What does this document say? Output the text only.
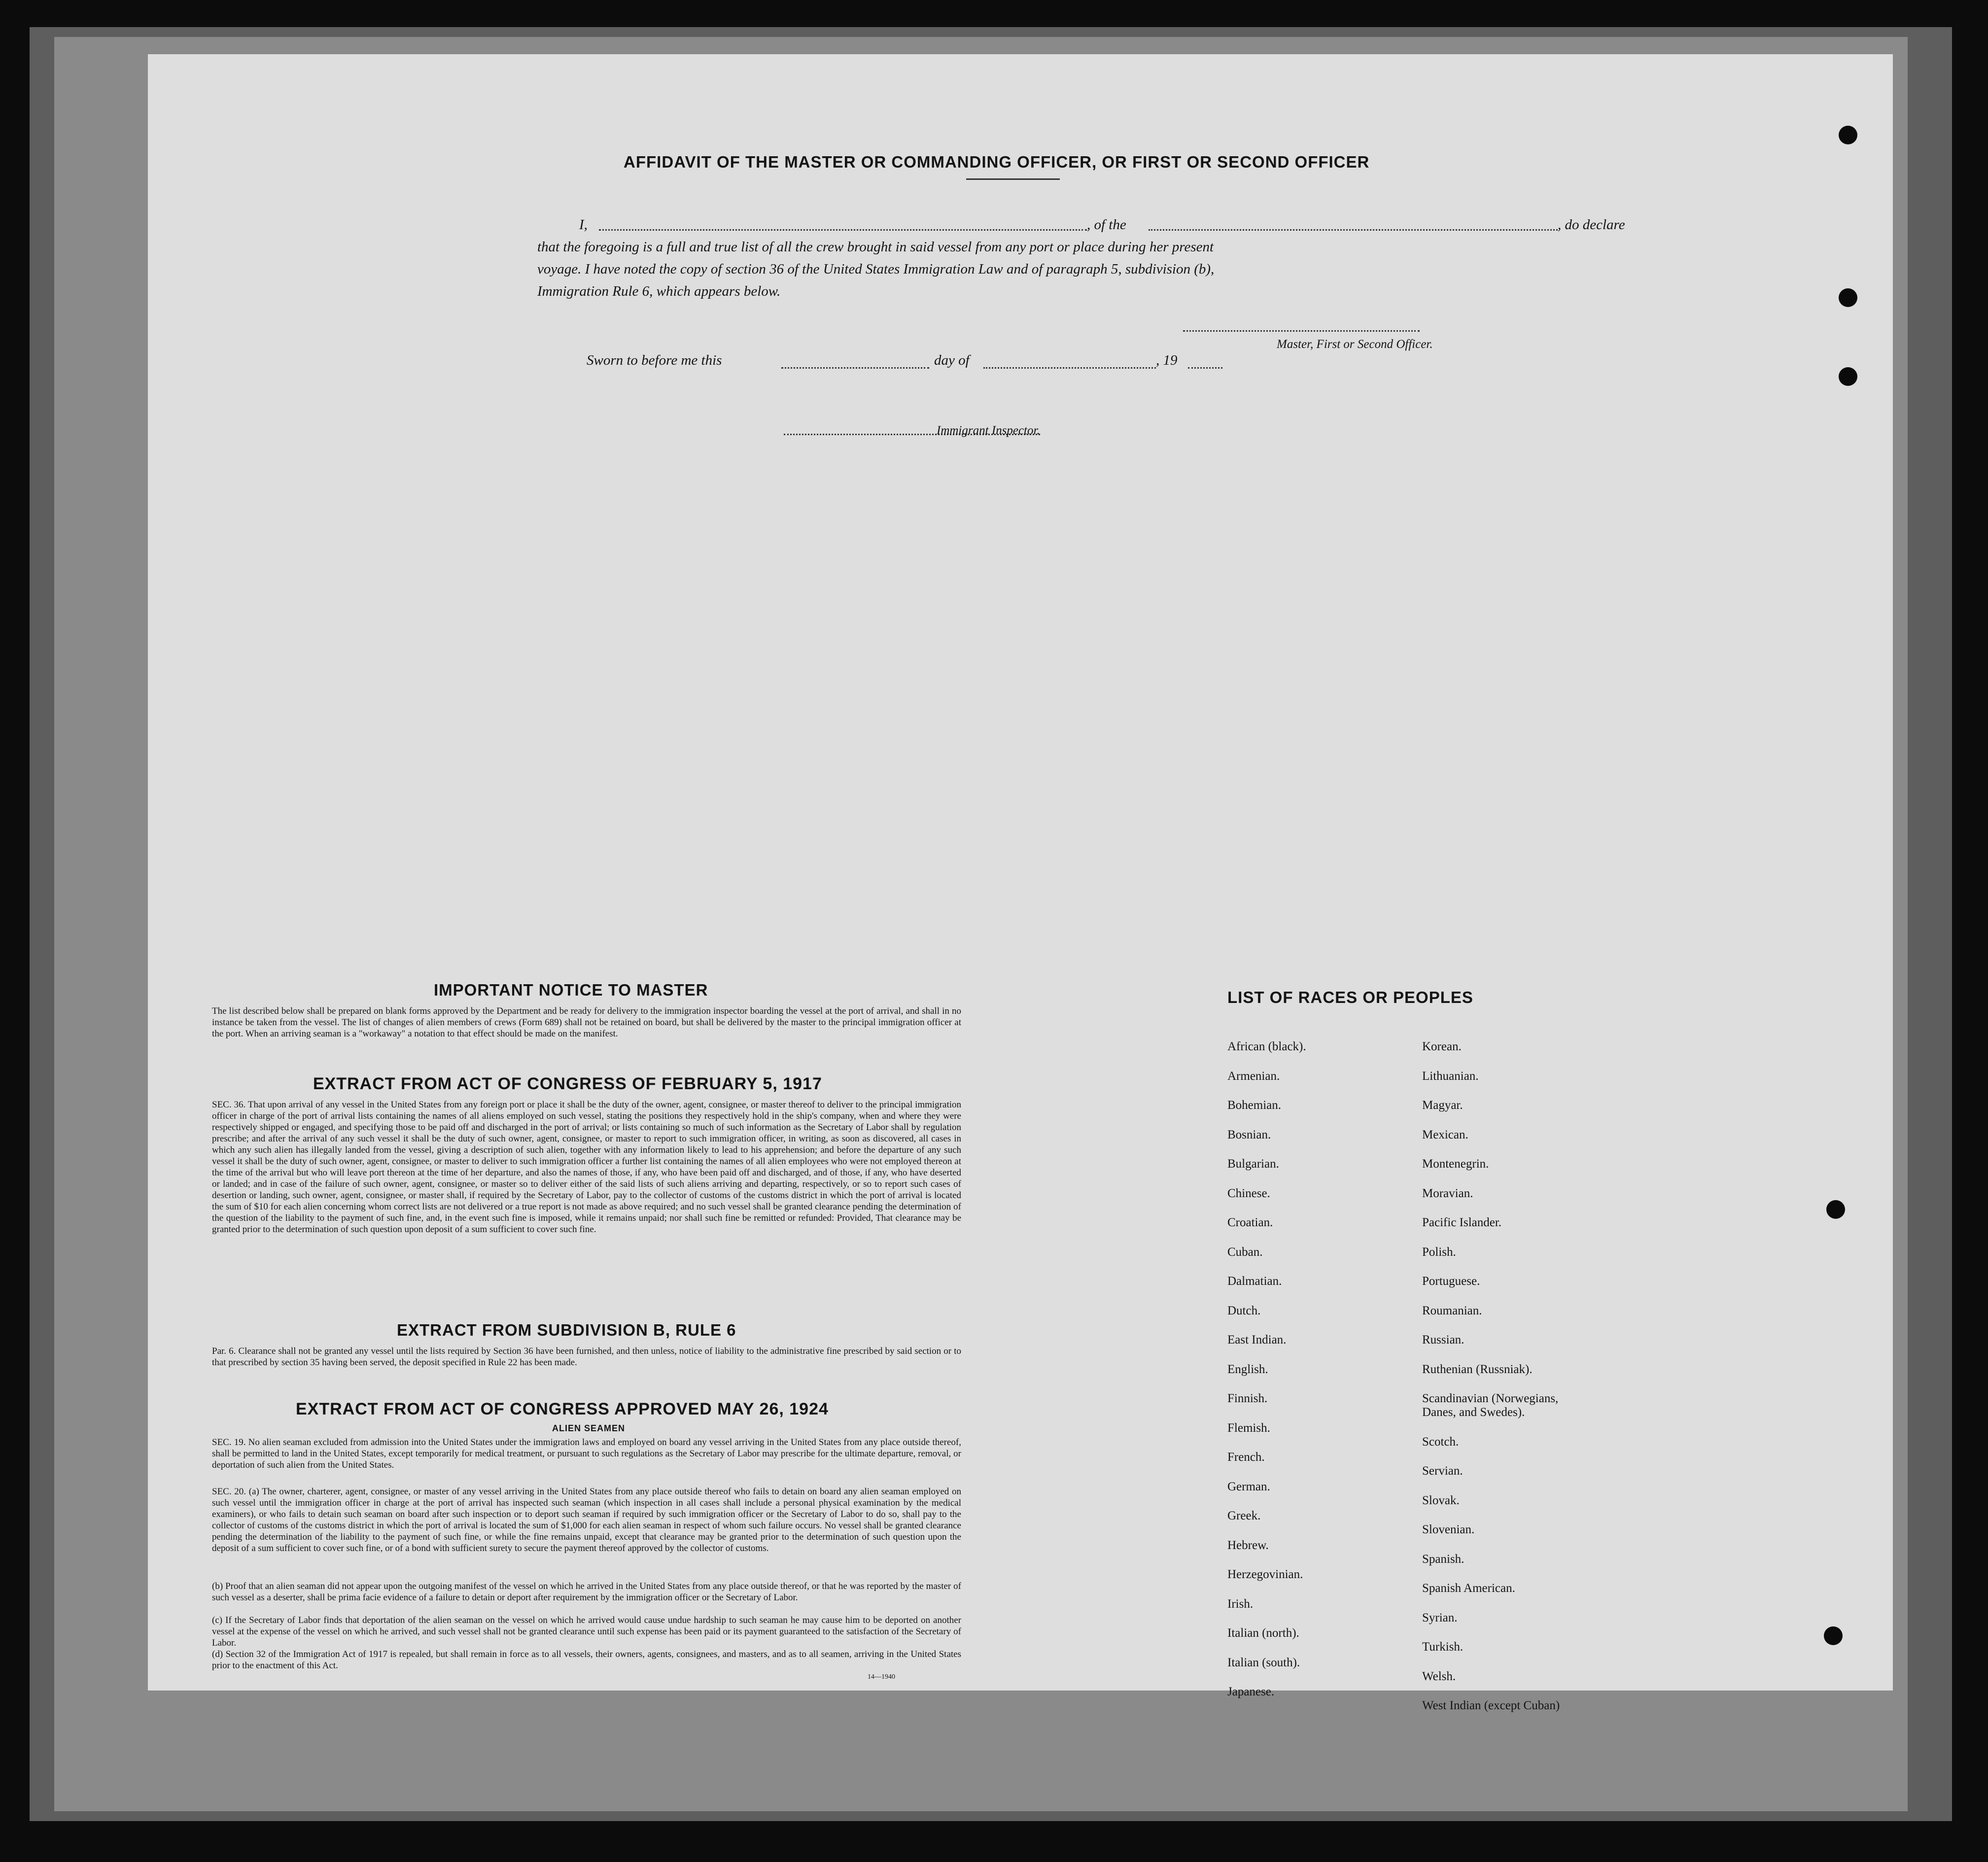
AFFIDAVIT OF THE MASTER OR COMMANDING OFFICER, OR FIRST OR SECOND OFFICER
I,	, of the	, do declare
that the foregoing is a full and true list of all the crew brought in said vessel from any port or place during her present
voyage. I have noted the copy of section 36 of the United States Immigration Law and of paragraph 5, subdivision (b),
Immigration Rule 6, which appears below.
Master, First or Second Officer.
Sworn to before me this	day of	, 19
Immigrant Inspector.
IMPORTANT NOTICE TO MASTER
The list described below shall be prepared on blank forms approved by the Department and be ready for delivery to the immigration inspector boarding the vessel at the port of arrival, and shall in no instance be taken from the vessel. The list of changes of alien members of crews (Form 689) shall not be retained on board, but shall be delivered by the master to the principal immigration officer at the port. When an arriving seaman is a "workaway" a notation to that effect should be made on the manifest.
EXTRACT FROM ACT OF CONGRESS OF FEBRUARY 5, 1917
SEC. 36. That upon arrival of any vessel in the United States from any foreign port or place it shall be the duty of the owner, agent, consignee, or master thereof to deliver to the principal immigration officer in charge of the port of arrival lists containing the names of all aliens employed on such vessel, stating the positions they respectively hold in the ship's company, when and where they were respectively shipped or engaged, and specifying those to be paid off and discharged in the port of arrival; or lists containing so much of such information as the Secretary of Labor shall by regulation prescribe; and after the arrival of any such vessel it shall be the duty of such owner, agent, consignee, or master to report to such immigration officer, in writing, as soon as discovered, all cases in which any such alien has illegally landed from the vessel, giving a description of such alien, together with any information likely to lead to his apprehension; and before the departure of any such vessel it shall be the duty of such owner, agent, consignee, or master to deliver to such immigration officer a further list containing the names of all alien employees who were not employed thereon at the time of the arrival but who will leave port thereon at the time of her departure, and also the names of those, if any, who have been paid off and discharged, and of those, if any, who have deserted or landed; and in case of the failure of such owner, agent, consignee, or master so to deliver either of the said lists of such aliens arriving and departing, respectively, or so to report such cases of desertion or landing, such owner, agent, consignee, or master shall, if required by the Secretary of Labor, pay to the collector of customs of the customs district in which the port of arrival is located the sum of $10 for each alien concerning whom correct lists are not delivered or a true report is not made as above required; and no such vessel shall be granted clearance pending the determination of the question of the liability to the payment of such fine, and, in the event such fine is imposed, while it remains unpaid; nor shall such fine be remitted or refunded: Provided, That clearance may be granted prior to the determination of such question upon deposit of a sum sufficient to cover such fine.
EXTRACT FROM SUBDIVISION B, RULE 6
Par. 6. Clearance shall not be granted any vessel until the lists required by Section 36 have been furnished, and then unless, notice of liability to the administrative fine prescribed by said section or to that prescribed by section 35 having been served, the deposit specified in Rule 22 has been made.
EXTRACT FROM ACT OF CONGRESS APPROVED MAY 26, 1924
ALIEN SEAMEN
SEC. 19. No alien seaman excluded from admission into the United States under the immigration laws and employed on board any vessel arriving in the United States from any place outside thereof, shall be permitted to land in the United States, except temporarily for medical treatment, or pursuant to such regulations as the Secretary of Labor may prescribe for the ultimate departure, removal, or deportation of such alien from the United States.
SEC. 20. (a) The owner, charterer, agent, consignee, or master of any vessel arriving in the United States from any place outside thereof who fails to detain on board any alien seaman employed on such vessel until the immigration officer in charge at the port of arrival has inspected such seaman (which inspection in all cases shall include a personal physical examination by the medical examiners), or who fails to detain such seaman on board after such inspection or to deport such seaman if required by such immigration officer or the Secretary of Labor to do so, shall pay to the collector of customs of the customs district in which the port of arrival is located the sum of $1,000 for each alien seaman in respect of whom such failure occurs. No vessel shall be granted clearance pending the determination of the liability to the payment of such fine, or while the fine remains unpaid, except that clearance may be granted prior to the determination of such question upon the deposit of a sum sufficient to cover such fine, or of a bond with sufficient surety to secure the payment thereof approved by the collector of customs.
(b) Proof that an alien seaman did not appear upon the outgoing manifest of the vessel on which he arrived in the United States from any place outside thereof, or that he was reported by the master of such vessel as a deserter, shall be prima facie evidence of a failure to detain or deport after requirement by the immigration officer or the Secretary of Labor.
(c) If the Secretary of Labor finds that deportation of the alien seaman on the vessel on which he arrived would cause undue hardship to such seaman he may cause him to be deported on another vessel at the expense of the vessel on which he arrived, and such vessel shall not be granted clearance until such expense has been paid or its payment guaranteed to the satisfaction of the Secretary of Labor.
(d) Section 32 of the Immigration Act of 1917 is repealed, but shall remain in force as to all vessels, their owners, agents, consignees, and masters, and as to all seamen, arriving in the United States prior to the enactment of this Act.
14—1940
LIST OF RACES OR PEOPLES
African (black).
Armenian.
Bohemian.
Bosnian.
Bulgarian.
Chinese.
Croatian.
Cuban.
Dalmatian.
Dutch.
East Indian.
English.
Finnish.
Flemish.
French.
German.
Greek.
Hebrew.
Herzegovinian.
Irish.
Italian (north).
Italian (south).
Japanese.
Korean.
Lithuanian.
Magyar.
Mexican.
Montenegrin.
Moravian.
Pacific Islander.
Polish.
Portuguese.
Roumanian.
Russian.
Ruthenian (Russniak).
Scandinavian (Norwegians, Danes, and Swedes).
Scotch.
Servian.
Slovak.
Slovenian.
Spanish.
Spanish American.
Syrian.
Turkish.
Welsh.
West Indian (except Cuban)
